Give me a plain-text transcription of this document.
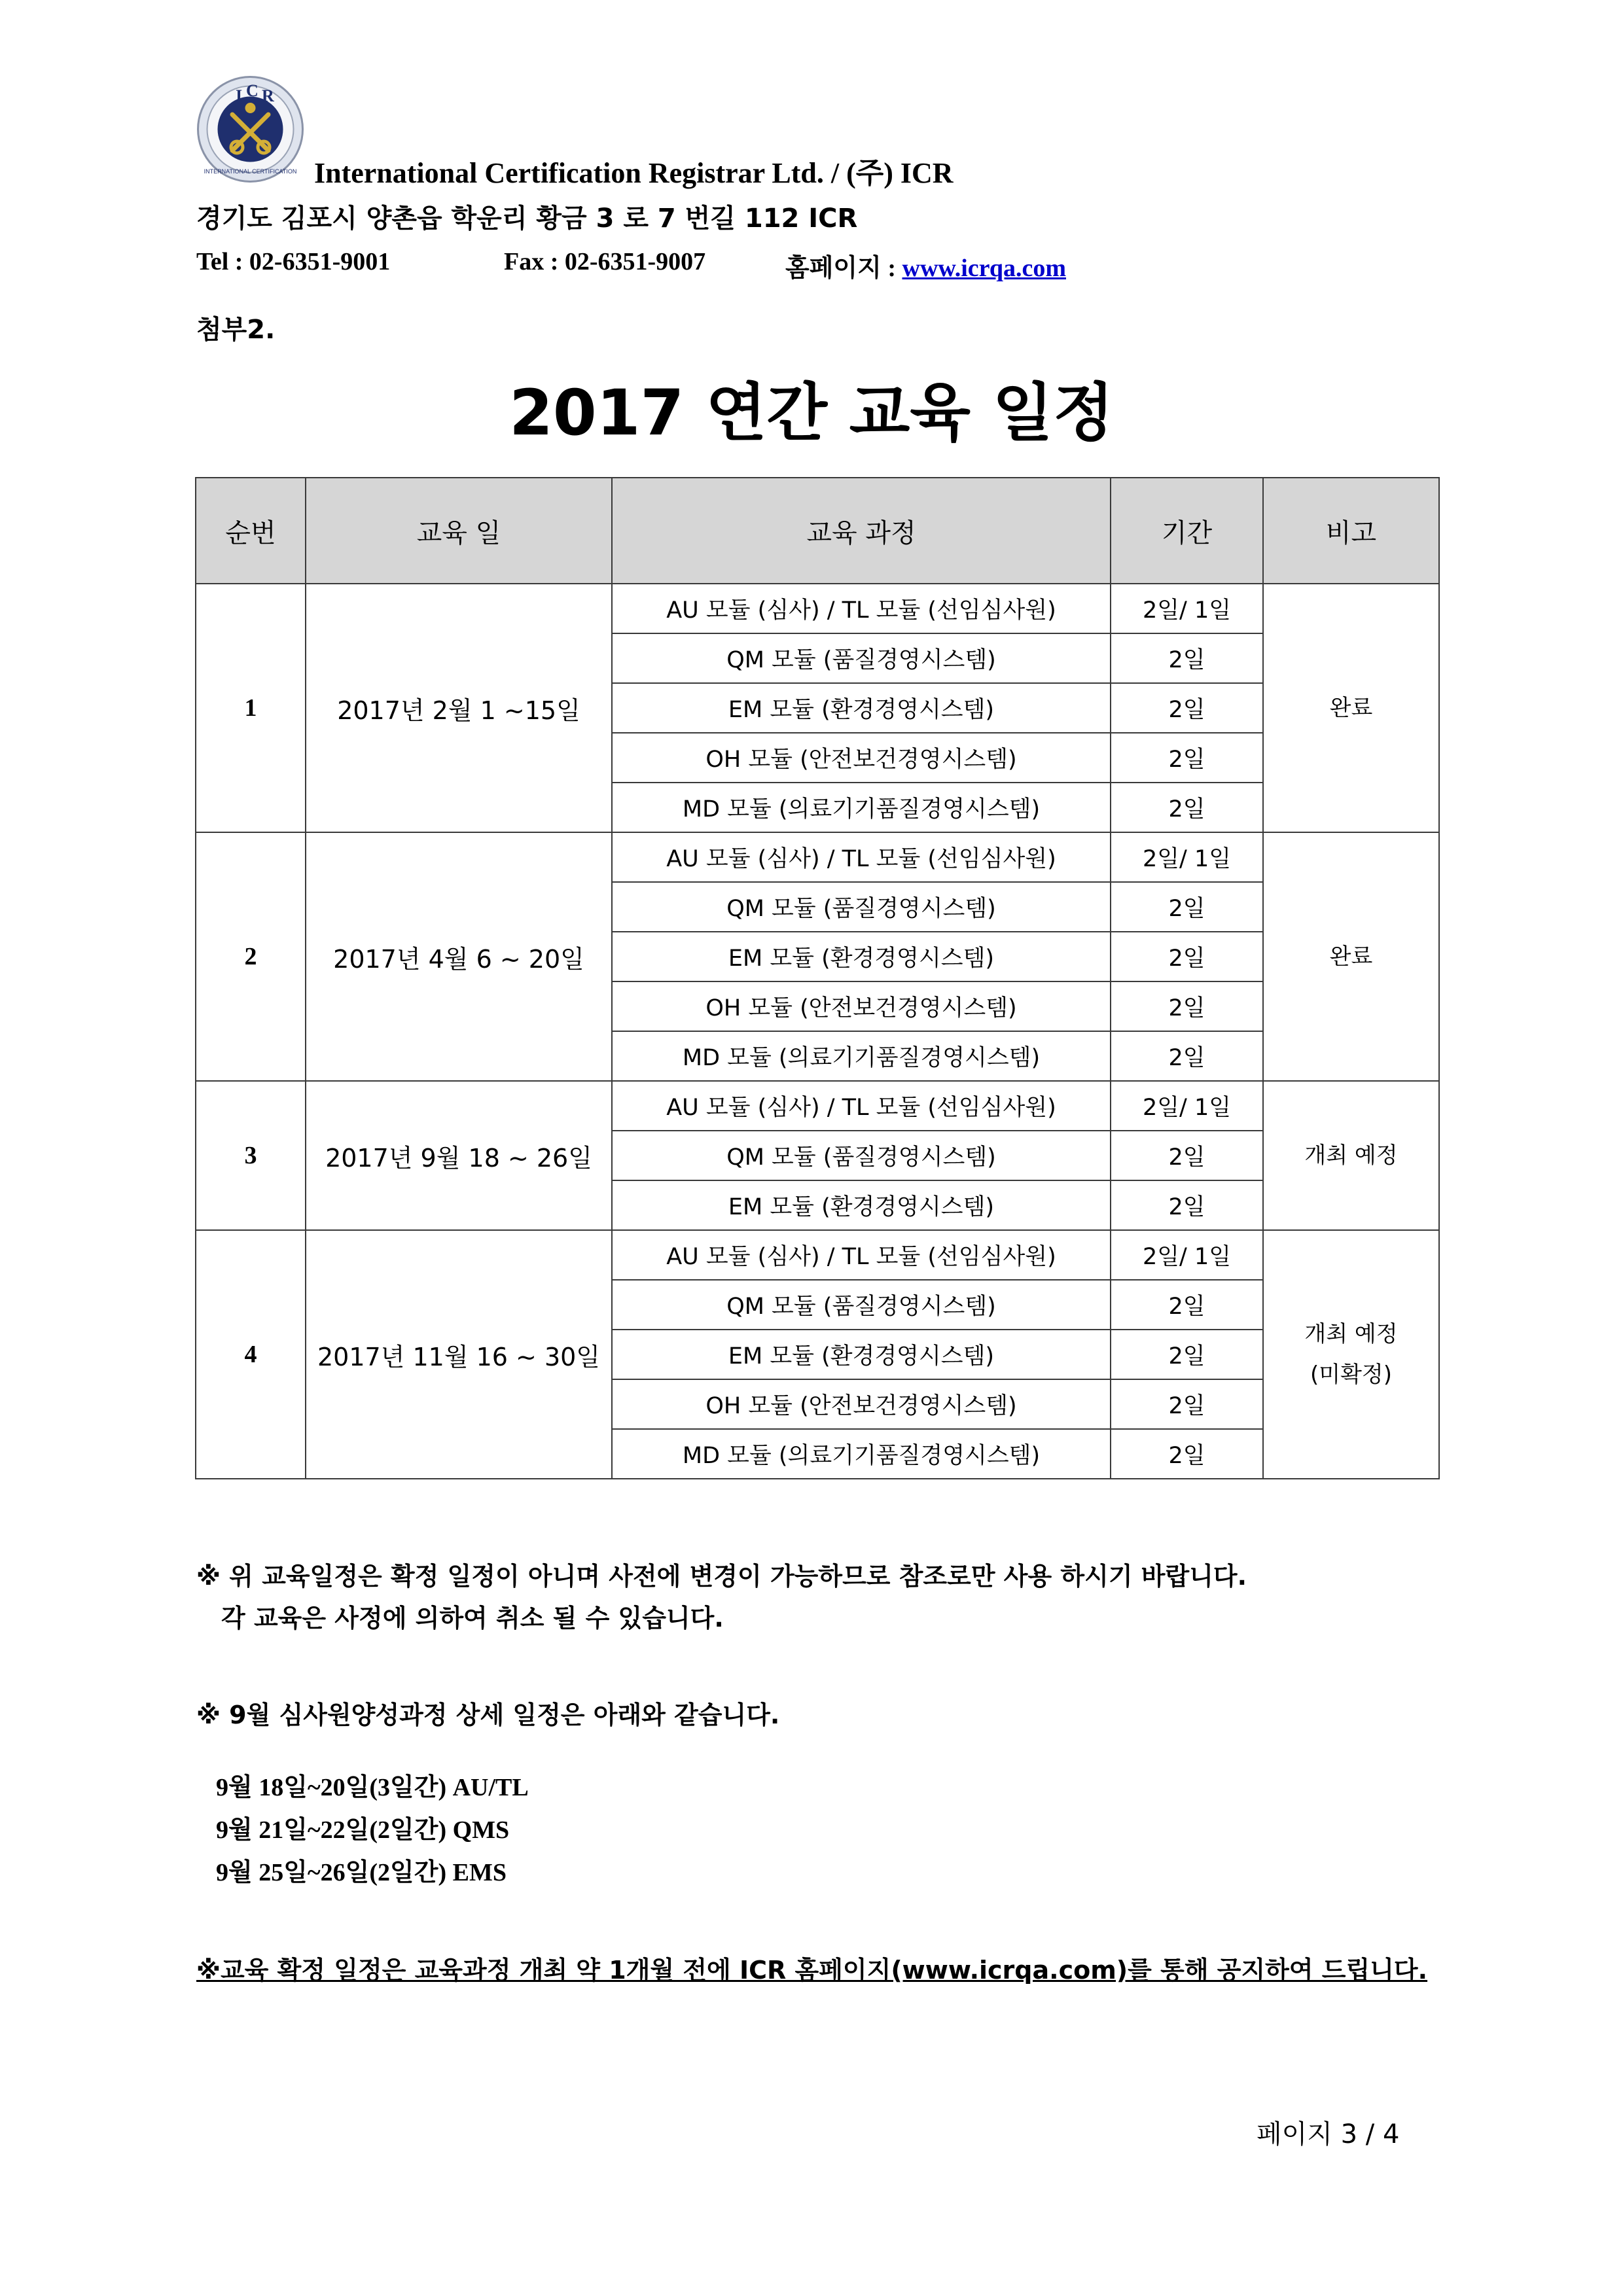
I C R
INTERNATIONAL CERTIFICATION
ICR
International Certification Registrar Ltd. / (주) ICR
경기도 김포시 양촌읍 학운리 황금 3 로 7 번길 112 ICR
Tel : 02-6351-9001	Fax : 02-6351-9007	홈페이지 : www.icrqa.com
첨부2.
2017 연간 교육 일정
순번	교육 일	교육 과정	기간	비고
1	2017년 2월 1 ~15일	AU 모듈 (심사) / TL 모듈 (선임심사원)	2일/ 1일	완료

		QM 모듈 (품질경영시스템)	2일	
		EM 모듈 (환경경영시스템)	2일	
		OH 모듈 (안전보건경영시스템)	2일	
		MD 모듈 (의료기기품질경영시스템)	2일	
2	2017년 4월 6 ~ 20일	AU 모듈 (심사) / TL 모듈 (선임심사원)	2일/ 1일	완료

		QM 모듈 (품질경영시스템)	2일	
		EM 모듈 (환경경영시스템)	2일	
		OH 모듈 (안전보건경영시스템)	2일	
		MD 모듈 (의료기기품질경영시스템)	2일	
3	2017년 9월 18 ~ 26일	AU 모듈 (심사) / TL 모듈 (선임심사원)	2일/ 1일	개최 예정

		QM 모듈 (품질경영시스템)	2일	
		EM 모듈 (환경경영시스템)	2일	
4	2017년 11월 16 ~ 30일	AU 모듈 (심사) / TL 모듈 (선임심사원)	2일/ 1일	개최 예정
(미확정)

		QM 모듈 (품질경영시스템)	2일	
		EM 모듈 (환경경영시스템)	2일	
		OH 모듈 (안전보건경영시스템)	2일	
		MD 모듈 (의료기기품질경영시스템)	2일	
※ 위 교육일정은 확정 일정이 아니며 사전에 변경이 가능하므로 참조로만 사용 하시기 바랍니다.
각 교육은 사정에 의하여 취소 될 수 있습니다.
※ 9월 심사원양성과정 상세 일정은 아래와 같습니다.
9월 18일~20일(3일간) AU/TL
9월 21일~22일(2일간) QMS
9월 25일~26일(2일간) EMS
※교육 확정 일정은 교육과정 개최 약 1개월 전에 ICR 홈페이지(www.icrqa.com)를 통해 공지하여 드립니다.
페이지 3 / 4
